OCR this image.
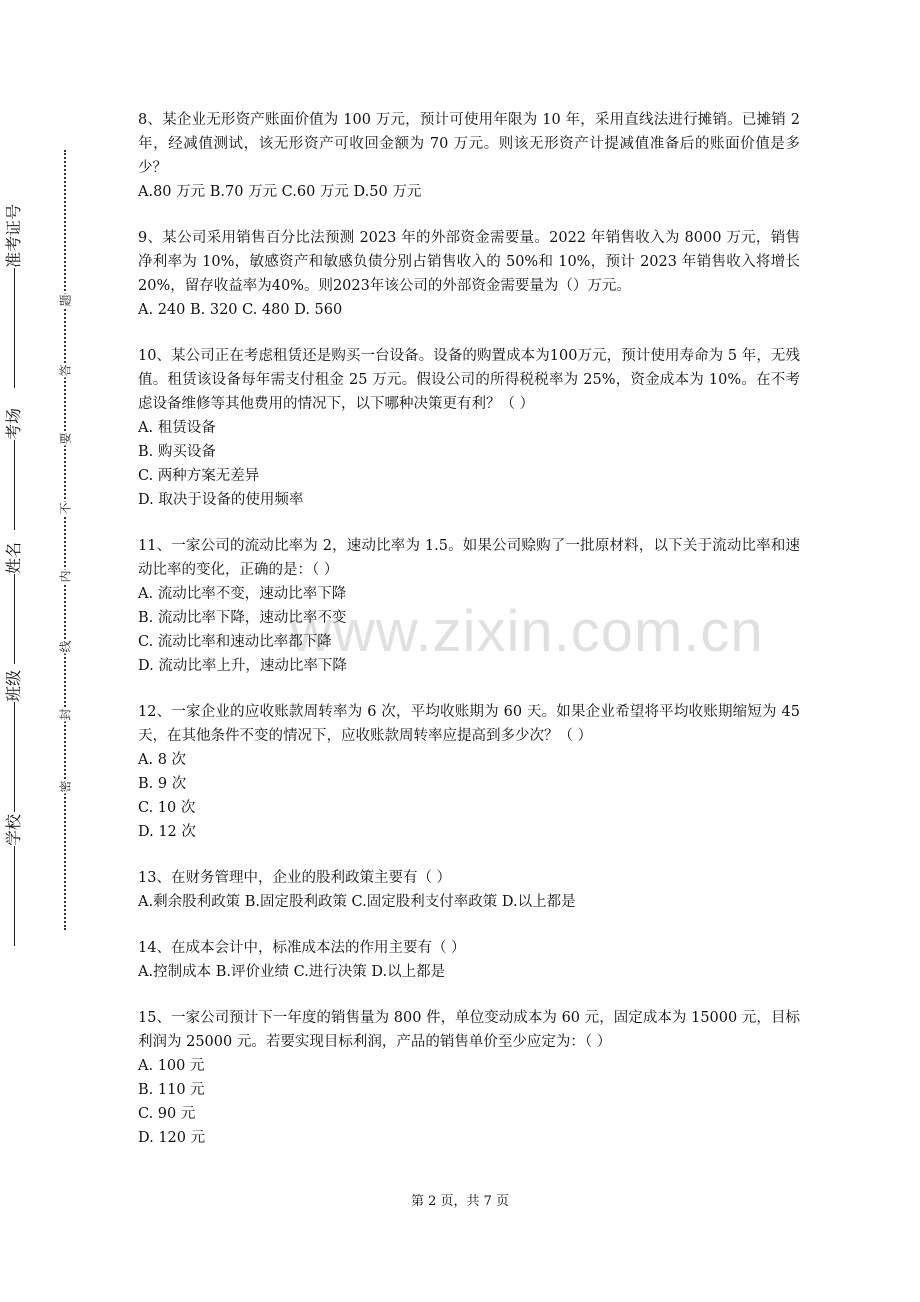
准考证号
考场
姓名
班级
学校
题
答
要
不
内
线
封
密
www.zixin.com.cn
8、某企业无形资产账面价值为 100 万元，预计可使用年限为 10 年，采用直线法进行摊销。已摊销 2 年，经减值测试，该无形资产可收回金额为 70 万元。则该无形资产计提减值准备后的账面价值是多少？
A.80 万元 B.70 万元 C.60 万元 D.50 万元
9、某公司采用销售百分比法预测 2023 年的外部资金需要量。2022 年销售收入为 8000 万元，销售净利率为 10%，敏感资产和敏感负债分别占销售收入的 50%和 10%，预计 2023 年销售收入将增长20%，留存收益率为40%。则2023年该公司的外部资金需要量为（）万元。
A. 240 B. 320 C. 480 D. 560
10、某公司正在考虑租赁还是购买一台设备。设备的购置成本为100万元，预计使用寿命为 5 年，无残值。租赁该设备每年需支付租金 25 万元。假设公司的所得税税率为 25%，资金成本为 10%。在不考虑设备维修等其他费用的情况下，以下哪种决策更有利？（ ）
A. 租赁设备
B. 购买设备
C. 两种方案无差异
D. 取决于设备的使用频率
11、一家公司的流动比率为 2，速动比率为 1.5。如果公司赊购了一批原材料，以下关于流动比率和速动比率的变化，正确的是：（ ）
A. 流动比率不变，速动比率下降
B. 流动比率下降，速动比率不变
C. 流动比率和速动比率都下降
D. 流动比率上升，速动比率下降
12、一家企业的应收账款周转率为 6 次，平均收账期为 60 天。如果企业希望将平均收账期缩短为 45 天，在其他条件不变的情况下，应收账款周转率应提高到多少次？（ ）
A. 8 次
B. 9 次
C. 10 次
D. 12 次
13、在财务管理中，企业的股利政策主要有（ ）
A.剩余股利政策 B.固定股利政策 C.固定股利支付率政策 D.以上都是
14、在成本会计中，标准成本法的作用主要有（ ）
A.控制成本 B.评价业绩 C.进行决策 D.以上都是
15、一家公司预计下一年度的销售量为 800 件，单位变动成本为 60 元，固定成本为 15000 元，目标利润为 25000 元。若要实现目标利润，产品的销售单价至少应定为：（ ）
A. 100 元
B. 110 元
C. 90 元
D. 120 元
第 2 页，共 7 页
